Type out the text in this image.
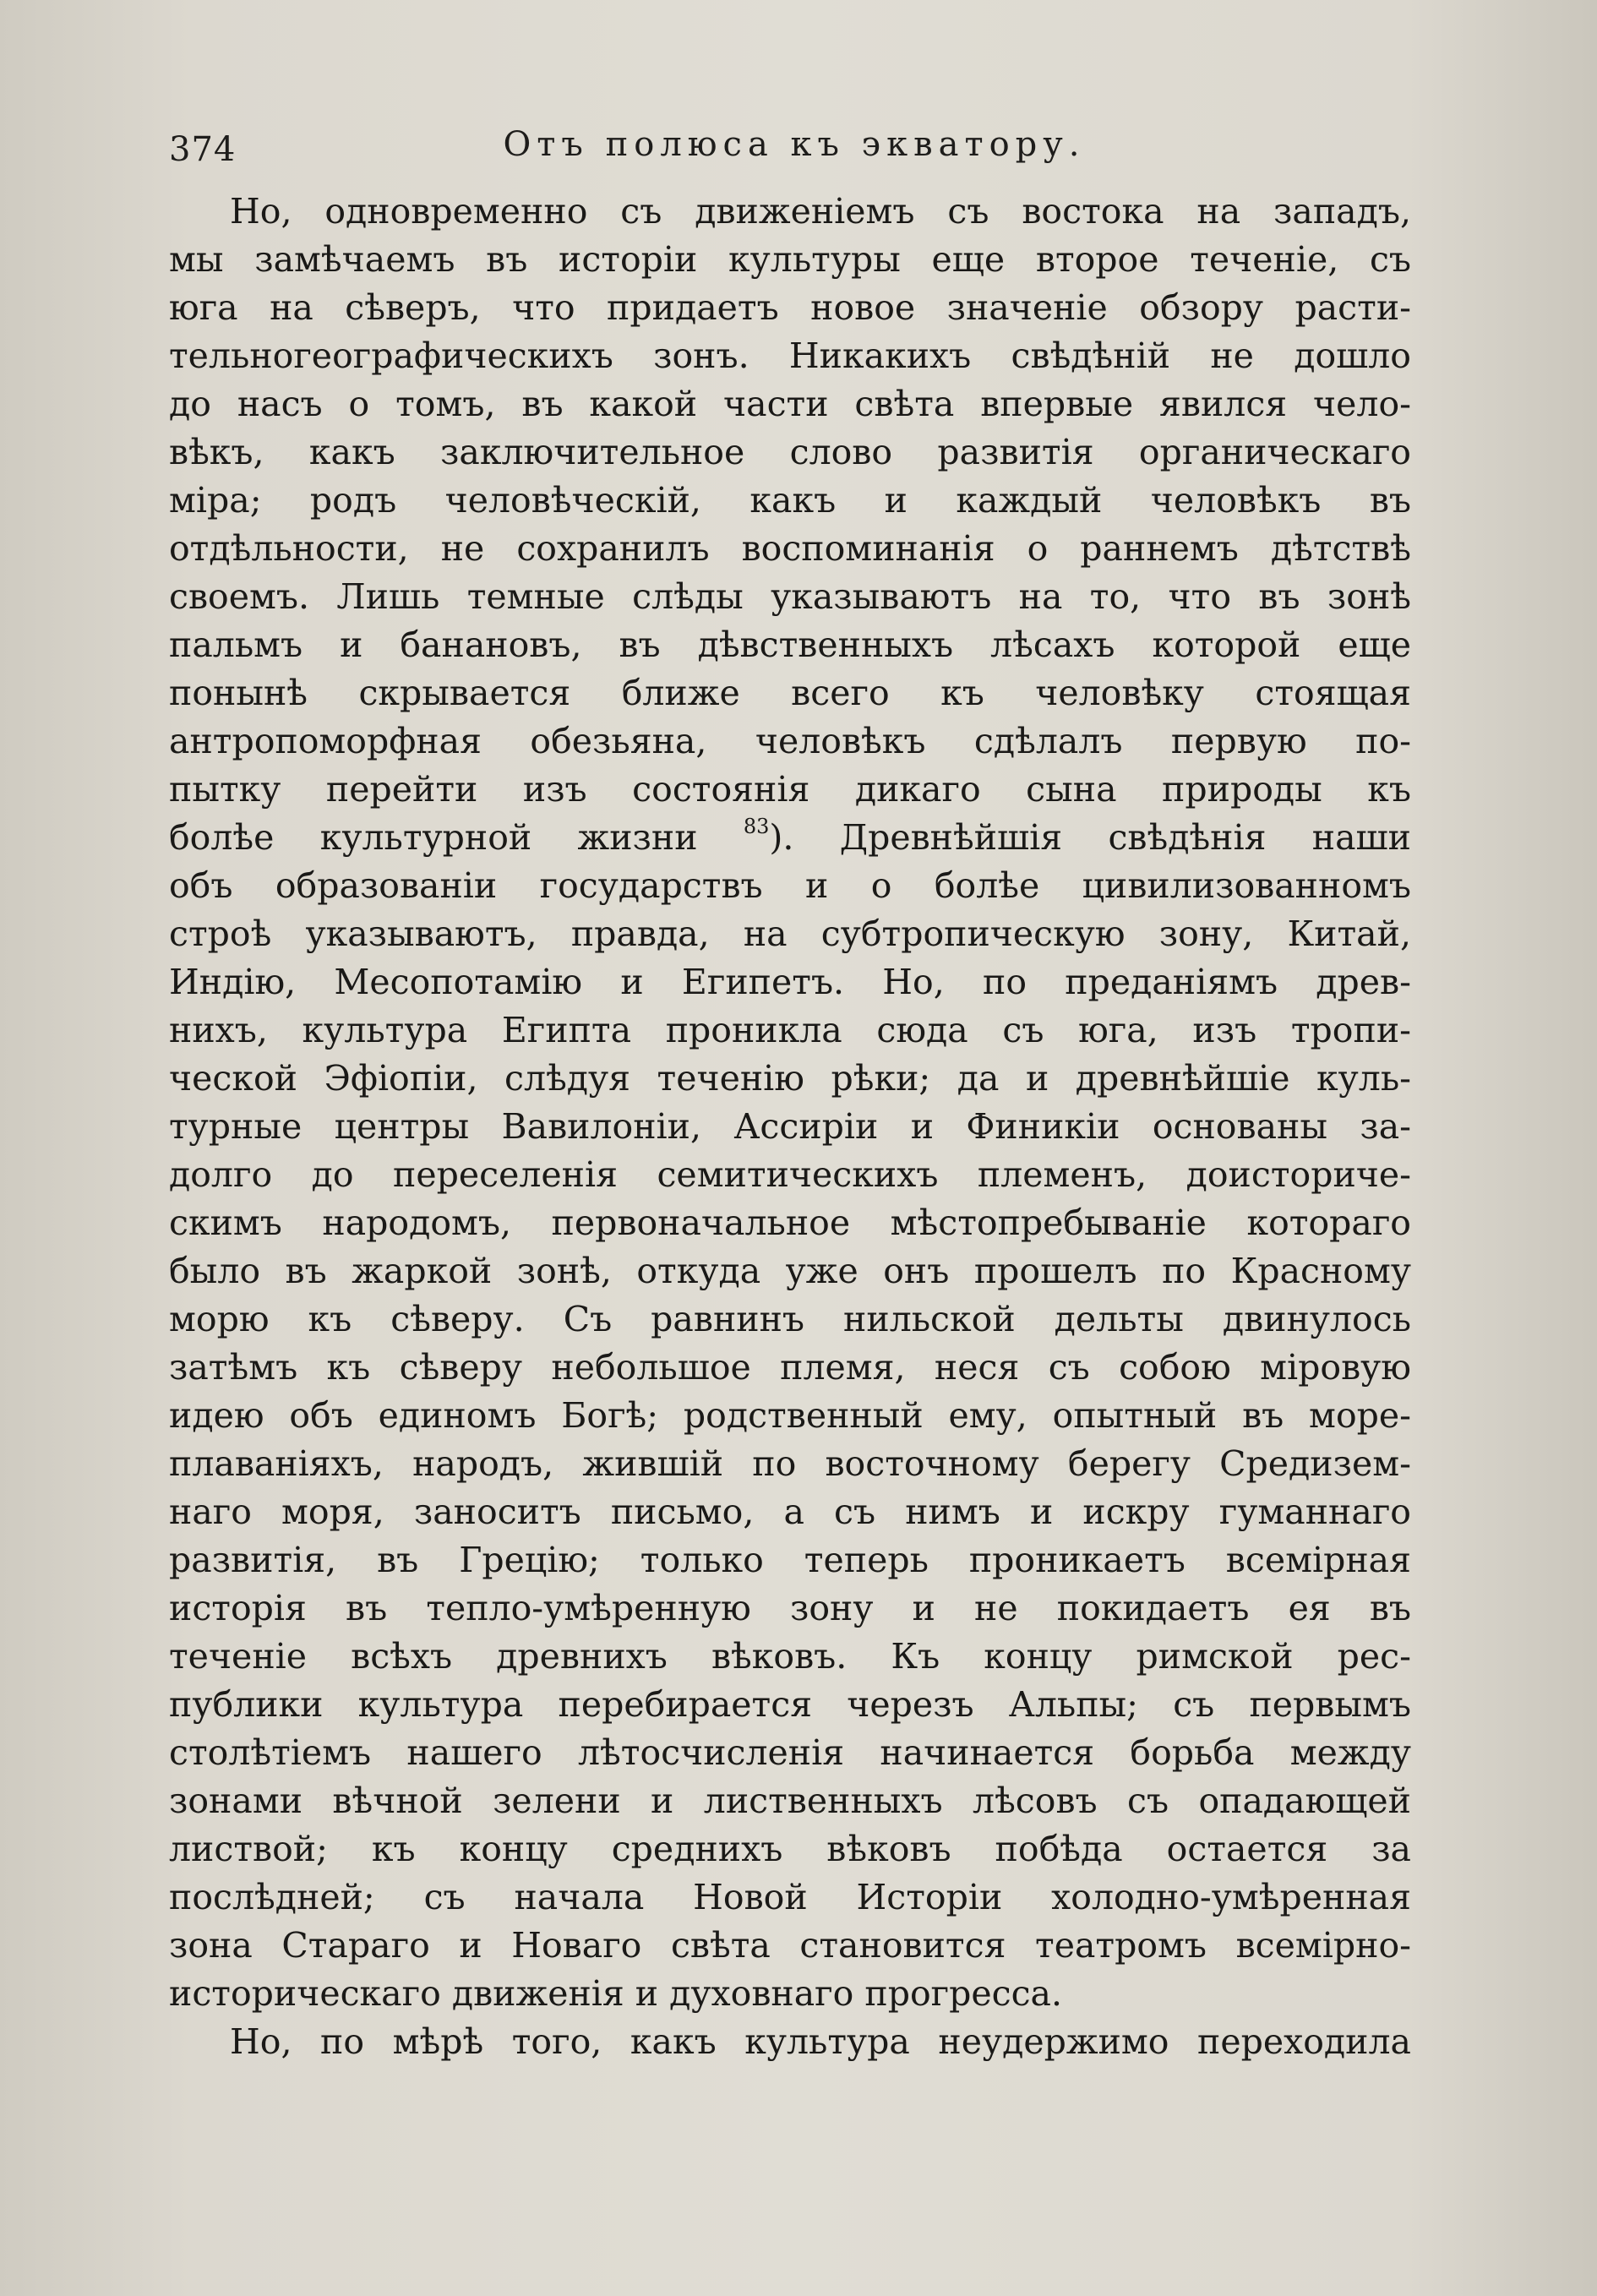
374	Отъ полюса къ экватору.
Но, одновременно съ движеніемъ съ востока на западъ,
мы замѣчаемъ въ исторіи культуры еще второе теченіе, съ
юга на сѣверъ, что придаетъ новое значеніе обзору расти-
тельногеографическихъ зонъ. Никакихъ свѣдѣній не дошло
до насъ о томъ, въ какой части свѣта впервые явился чело-
вѣкъ, какъ заключительное слово развитія органическаго
міра; родъ человѣческій, какъ и каждый человѣкъ въ
отдѣльности, не сохранилъ воспоминанія о раннемъ дѣтствѣ
своемъ. Лишь темные слѣды указываютъ на то, что въ зонѣ
пальмъ и банановъ, въ дѣвственныхъ лѣсахъ которой еще
понынѣ скрывается ближе всего къ человѣку стоящая
антропоморфная обезьяна, человѣкъ сдѣлалъ первую по-
пытку перейти изъ состоянія дикаго сына природы къ
болѣе культурной жизни $^{83}$). Древнѣйшія свѣдѣнія наши
объ образованіи государствъ и о болѣе цивилизованномъ
строѣ указываютъ, правда, на субтропическую зону, Китай,
Индію, Месопотамію и Египетъ. Но, по преданіямъ древ-
нихъ, культура Египта проникла сюда съ юга, изъ тропи-
ческой Эфіопіи, слѣдуя теченію рѣки; да и древнѣйшіе куль-
турные центры Вавилоніи, Ассиріи и Финикіи основаны за-
долго до переселенія семитическихъ племенъ, доисториче-
скимъ народомъ, первоначальное мѣстопребываніе котораго
было въ жаркой зонѣ, откуда уже онъ прошелъ по Красному
морю къ сѣверу. Съ равнинъ нильской дельты двинулось
затѣмъ къ сѣверу небольшое племя, неся съ собою міровую
идею объ единомъ Богѣ; родственный ему, опытный въ море-
плаваніяхъ, народъ, жившій по восточному берегу Средизем-
наго моря, заноситъ письмо, а съ нимъ и искру гуманнаго
развитія, въ Грецію; только теперь проникаетъ всемірная
исторія въ тепло-умѣренную зону и не покидаетъ ея въ
теченіе всѣхъ древнихъ вѣковъ. Къ концу римской рес-
публики культура перебирается черезъ Альпы; съ первымъ
столѣтіемъ нашего лѣтосчисленія начинается борьба между
зонами вѣчной зелени и лиственныхъ лѣсовъ съ опадающей
листвой; къ концу среднихъ вѣковъ побѣда остается за
послѣдней; съ начала Новой Исторіи холодно-умѣренная
зона Стараго и Новаго свѣта становится театромъ всемірно-
историческаго движенія и духовнаго прогресса.
Но, по мѣрѣ того, какъ культура неудержимо переходила
